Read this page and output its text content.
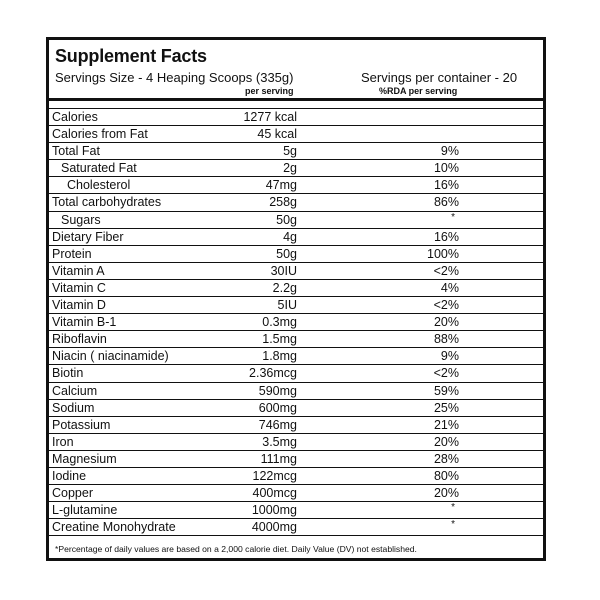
Supplement Facts
Servings Size - 4 Heaping Scoops (335g)	Servings per container - 20
per serving	%RDA per serving
Calories	1277 kcal
Calories from Fat	45 kcal
Total Fat	5g	9%
Saturated Fat	2g	10%
Cholesterol	47mg	16%
Total carbohydrates	258g	86%
Sugars	50g	*
Dietary Fiber	4g	16%
Protein	50g	100%
Vitamin A	30IU	<2%
Vitamin C	2.2g	4%
Vitamin D	5IU	<2%
Vitamin B-1	0.3mg	20%
Riboflavin	1.5mg	88%
Niacin ( niacinamide)	1.8mg	9%
Biotin	2.36mcg	<2%
Calcium	590mg	59%
Sodium	600mg	25%
Potassium	746mg	21%
Iron	3.5mg	20%
Magnesium	111mg	28%
Iodine	122mcg	80%
Copper	400mcg	20%
L-glutamine	1000mg	*
Creatine Monohydrate	4000mg	*
*Percentage of daily values are based on a 2,000 calorie diet. Daily Value (DV) not established.
